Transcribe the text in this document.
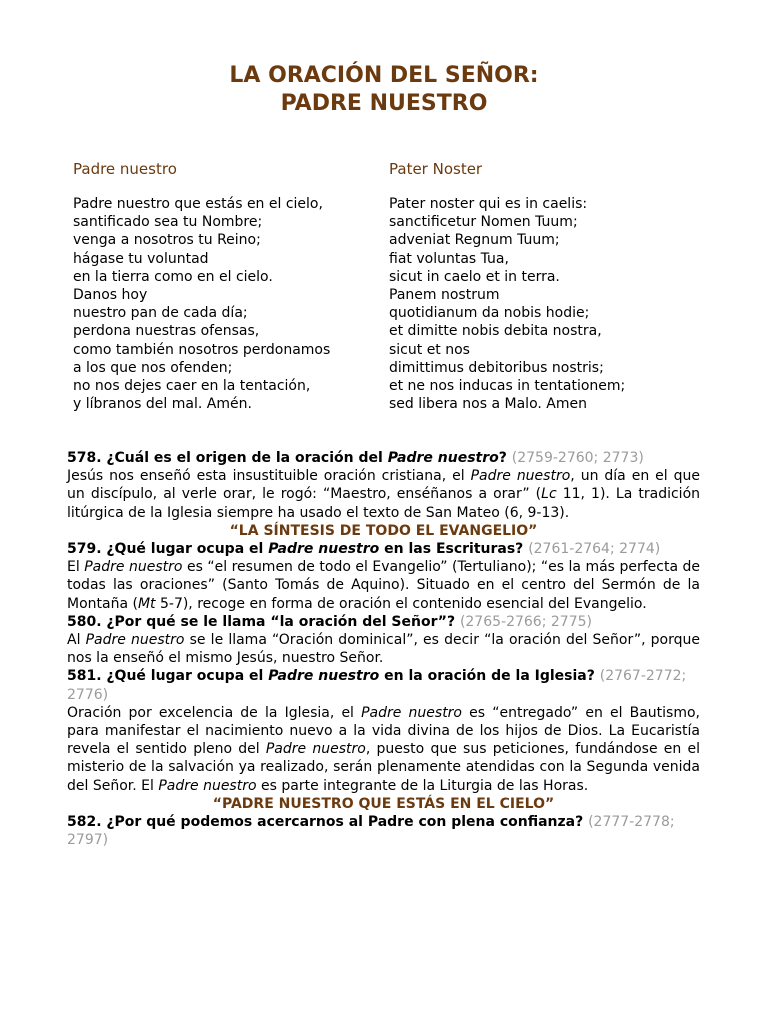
LA ORACIÓN DEL SEÑOR:
PADRE NUESTRO
Padre nuestro
Padre nuestro que estás en el cielo,
santificado sea tu Nombre;
venga a nosotros tu Reino;
hágase tu voluntad
en la tierra como en el cielo.
Danos hoy
nuestro pan de cada día;
perdona nuestras ofensas,
como también nosotros perdonamos
a los que nos ofenden;
no nos dejes caer en la tentación,
y líbranos del mal. Amén.
Pater Noster
Pater noster qui es in caelis:
sanctificetur Nomen Tuum;
adveniat Regnum Tuum;
fiat voluntas Tua,
sicut in caelo et in terra.
Panem nostrum
quotidianum da nobis hodie;
et dimitte nobis debita nostra,
sicut et nos
dimittimus debitoribus nostris;
et ne nos inducas in tentationem;
sed libera nos a Malo. Amen

578. ¿Cuál es el origen de la oración del Padre nuestro? (2759-2760; 2773)

Jesús nos enseñó esta insustituible oración cristiana, el Padre nuestro, un día en el que un discípulo, al verle orar, le rogó: “Maestro, enséñanos a orar” (Lc 11, 1). La tradición litúrgica de la Iglesia siempre ha usado el texto de San Mateo (6, 9-13).

“LA SÍNTESIS DE TODO EL EVANGELIO”

579. ¿Qué lugar ocupa el Padre nuestro en las Escrituras? (2761-2764; 2774)

El Padre nuestro es “el resumen de todo el Evangelio” (Tertuliano); “es la más perfecta de todas las oraciones” (Santo Tomás de Aquino). Situado en el centro del Sermón de la Montaña (Mt 5-7), recoge en forma de oración el contenido esencial del Evangelio.

580. ¿Por qué se le llama “la oración del Señor”? (2765-2766; 2775)

Al Padre nuestro se le llama “Oración dominical”, es decir “la oración del Señor”, porque nos la enseñó el mismo Jesús, nuestro Señor.

581. ¿Qué lugar ocupa el Padre nuestro en la oración de la Iglesia? (2767-2772; 2776)

Oración por excelencia de la Iglesia, el Padre nuestro es “entregado” en el Bautismo, para manifestar el nacimiento nuevo a la vida divina de los hijos de Dios. La Eucaristía revela el sentido pleno del Padre nuestro, puesto que sus peticiones, fundándose en el misterio de la salvación ya realizado, serán plenamente atendidas con la Segunda venida del Señor. El Padre nuestro es parte integrante de la Liturgia de las Horas.

“PADRE NUESTRO QUE ESTÁS EN EL CIELO”

582. ¿Por qué podemos acercarnos al Padre con plena confianza? (2777-2778; 2797)
